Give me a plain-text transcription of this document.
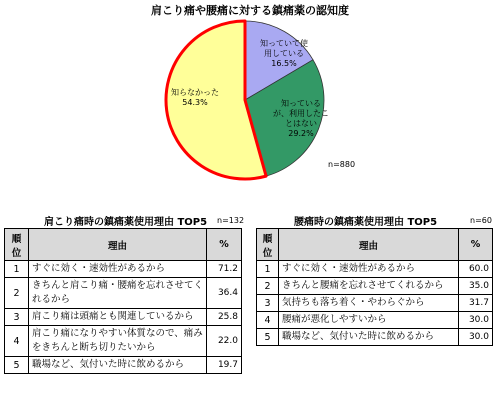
肩こり痛や腰痛に対する鎮痛薬の認知度
知っていて使用している 16.5%
知っているが、利用したことはない 29.2%
知らなかった 54.3%
n=880
肩こり痛時の鎮痛薬使用理由 TOP5 n=132
順
位	理由	%
1	すぐに効く・速効性があるから	71.2
2	きちんと肩こり痛・腰痛を忘れさせてくれるから	36.4
3	肩こり痛は頭痛とも関連しているから	25.8
4	肩こり痛になりやすい体質なので、痛みをきちんと断ち切りたいから	22.0
5	職場など、気付いた時に飲めるから	19.7
腰痛時の鎮痛薬使用理由 TOP5	n=60
順
位	理由	%
1	すぐに効く・速効性があるから	60.0
2	きちんと腰痛を忘れさせてくれるから	35.0
3	気持ちも落ち着く・やわらぐから	31.7
4	腰痛が悪化しやすいから	30.0
5	職場など、気付いた時に飲めるから	30.0
